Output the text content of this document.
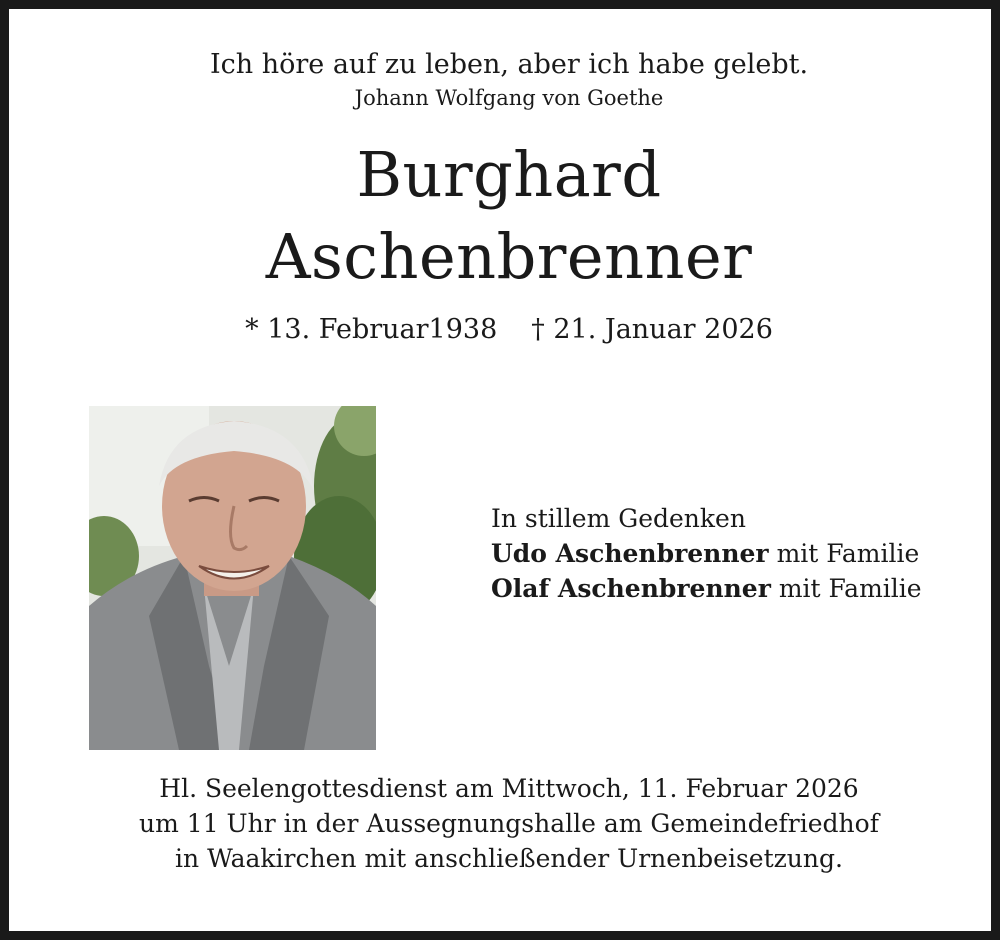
Ich höre auf zu leben, aber ich habe gelebt.
Johann Wolfgang von Goethe
Burghard
Aschenbrenner
* 13. Februar1938 † 21. Januar 2026
In stillem Gedenken
Udo Aschenbrenner mit Familie
Olaf Aschenbrenner mit Familie
Hl. Seelengottesdienst am Mittwoch, 11. Februar 2026
um 11 Uhr in der Aussegnungshalle am Gemeindefriedhof
in Waakirchen mit anschließender Urnenbeisetzung.
